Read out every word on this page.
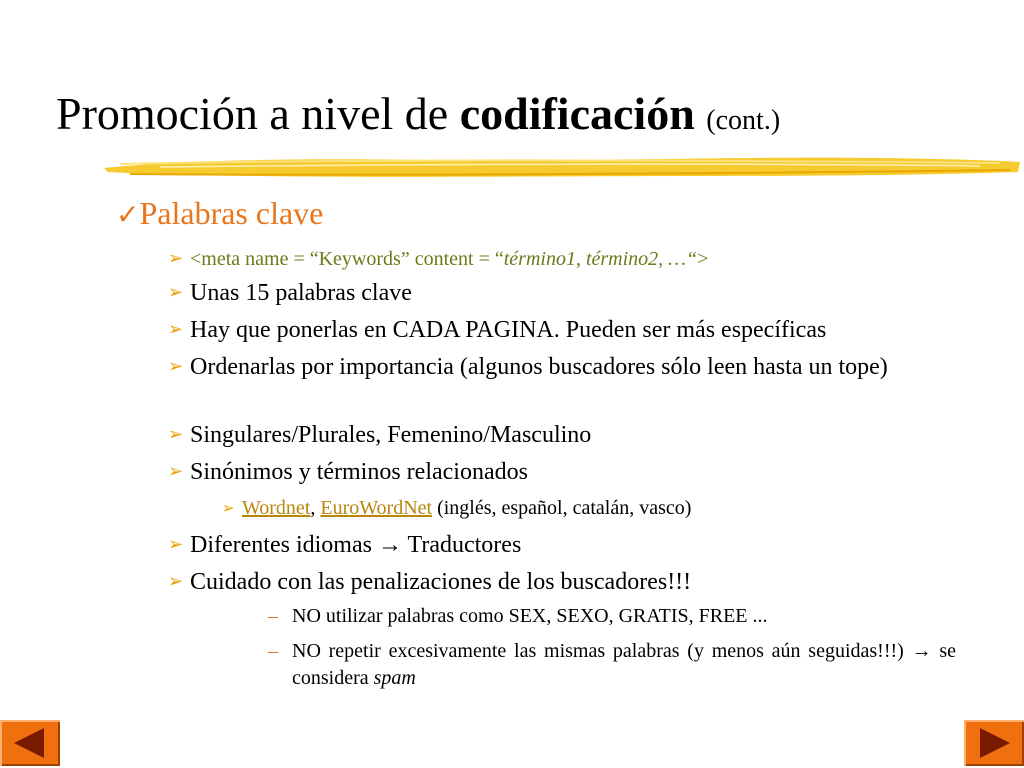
Promoción a nivel de codificación (cont.)
✓Palabras clave
➢ <meta name = “Keywords” content = “término1, término2, …“>
➢ Unas 15 palabras clave
➢ Hay que ponerlas en CADA PAGINA. Pueden ser más específicas
➢ Ordenarlas por importancia (algunos buscadores sólo leen hasta un tope)
➢ Singulares/Plurales, Femenino/Masculino
➢ Sinónimos y términos relacionados
➢ Wordnet, EuroWordNet (inglés, español, catalán, vasco)
➢ Diferentes idiomas → Traductores
➢ Cuidado con las penalizaciones de los buscadores!!!
– NO utilizar palabras como SEX, SEXO, GRATIS, FREE ...
– NO repetir excesivamente las mismas palabras (y menos aún seguidas!!!) → se considera spam
